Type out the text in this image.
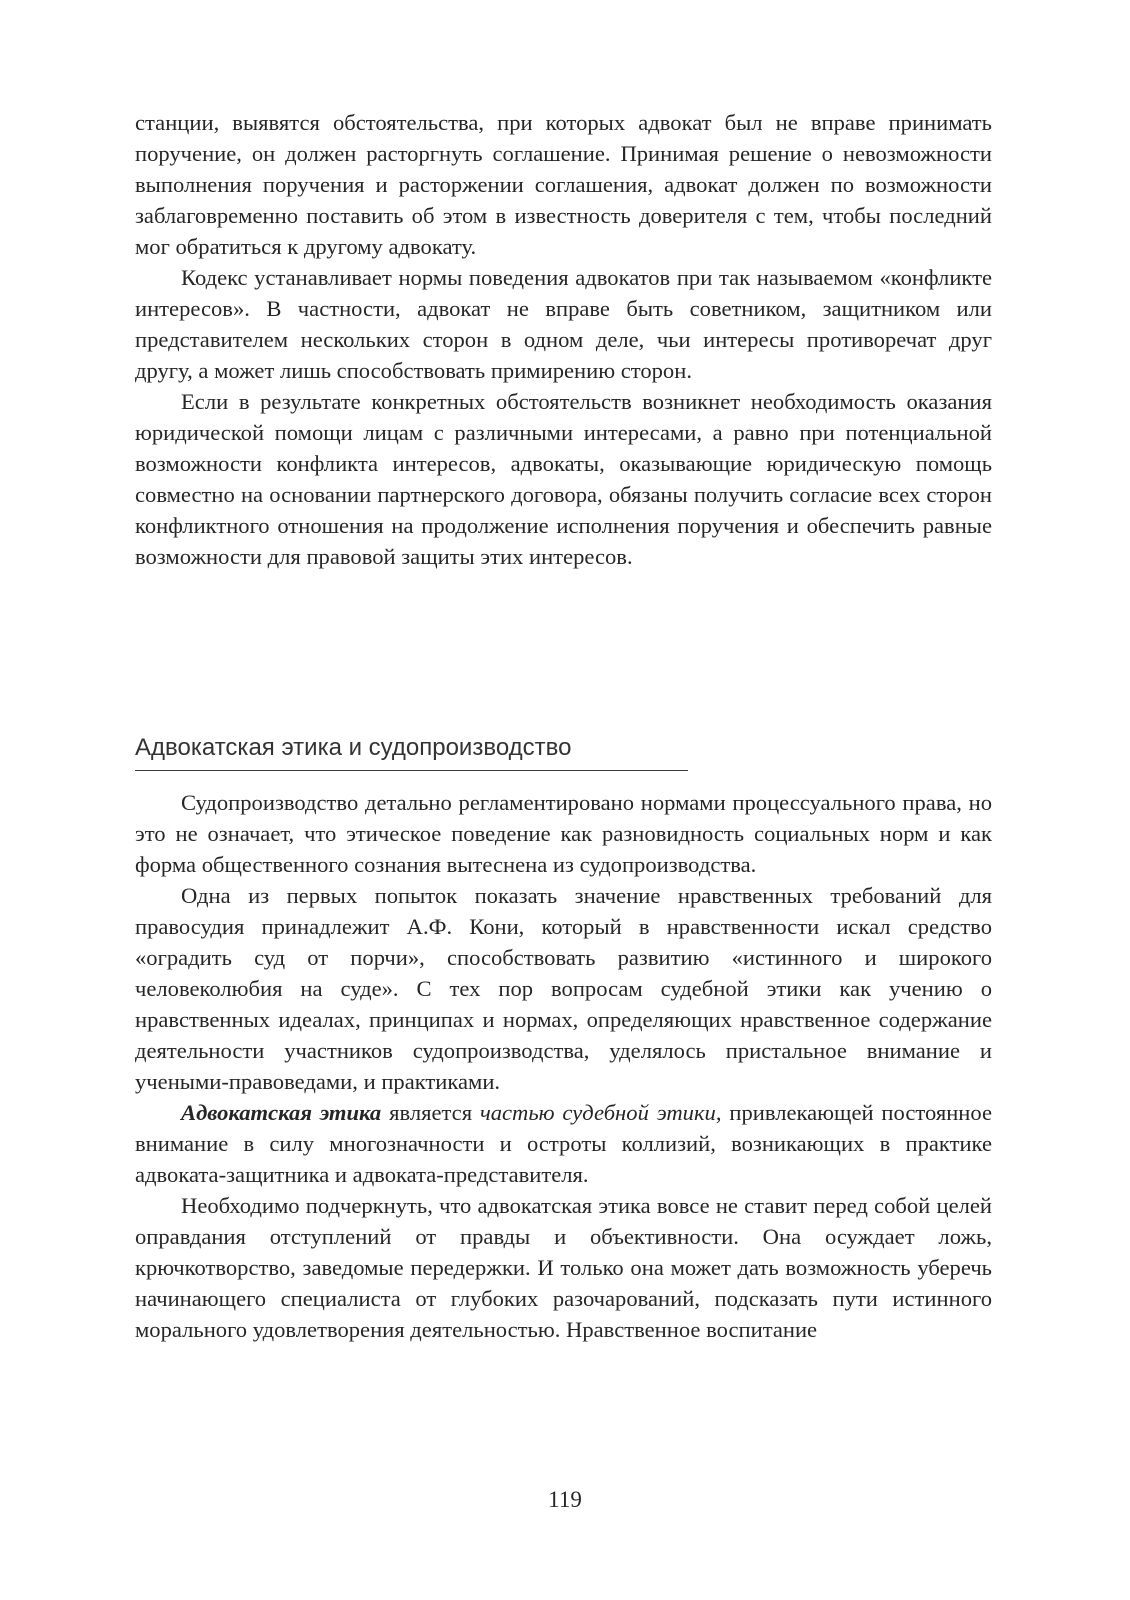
станции, выявятся обстоятельства, при которых адвокат был не вправе принимать поручение, он должен расторгнуть соглашение. Принимая решение о невозможности выполнения поручения и расторжении соглашения, адвокат должен по возможности заблаговременно поставить об этом в известность доверителя с тем, чтобы последний мог обратиться к другому адвокату.

Кодекс устанавливает нормы поведения адвокатов при так называемом «конфликте интересов». В частности, адвокат не вправе быть советником, защитником или представителем нескольких сторон в одном деле, чьи интересы противоречат друг другу, а может лишь способствовать примирению сторон.

Если в результате конкретных обстоятельств возникнет необходимость оказания юридической помощи лицам с различными интересами, а равно при потенциальной возможности конфликта интересов, адвокаты, оказывающие юридическую помощь совместно на основании партнерского договора, обязаны получить согласие всех сторон конфликтного отношения на продолжение исполнения поручения и обеспечить равные возможности для правовой защиты этих интересов.

Адвокатская этика и судопроизводство

Судопроизводство детально регламентировано нормами процессуального права, но это не означает, что этическое поведение как разновидность социальных норм и как форма общественного сознания вытеснена из судопроизводства.

Одна из первых попыток показать значение нравственных требований для правосудия принадлежит А.Ф. Кони, который в нравственности искал средство «оградить суд от порчи», способствовать развитию «истинного и широкого человеколюбия на суде». С тех пор вопросам судебной этики как учению о нравственных идеалах, принципах и нормах, определяющих нравственное содержание деятельности участников судопроизводства, уделялось пристальное внимание и учеными-правоведами, и практиками.

Адвокатская этика является частью судебной этики, привлекающей постоянное внимание в силу многозначности и остроты коллизий, возникающих в практике адвоката-защитника и адвоката-представителя.

Необходимо подчеркнуть, что адвокатская этика вовсе не ставит перед собой целей оправдания отступлений от правды и объективности. Она осуждает ложь, крючкотворство, заведомые передержки. И только она может дать возможность уберечь начинающего специалиста от глубоких разочарований, подсказать пути истинного морального удовлетворения деятельностью. Нравственное воспитание

119
